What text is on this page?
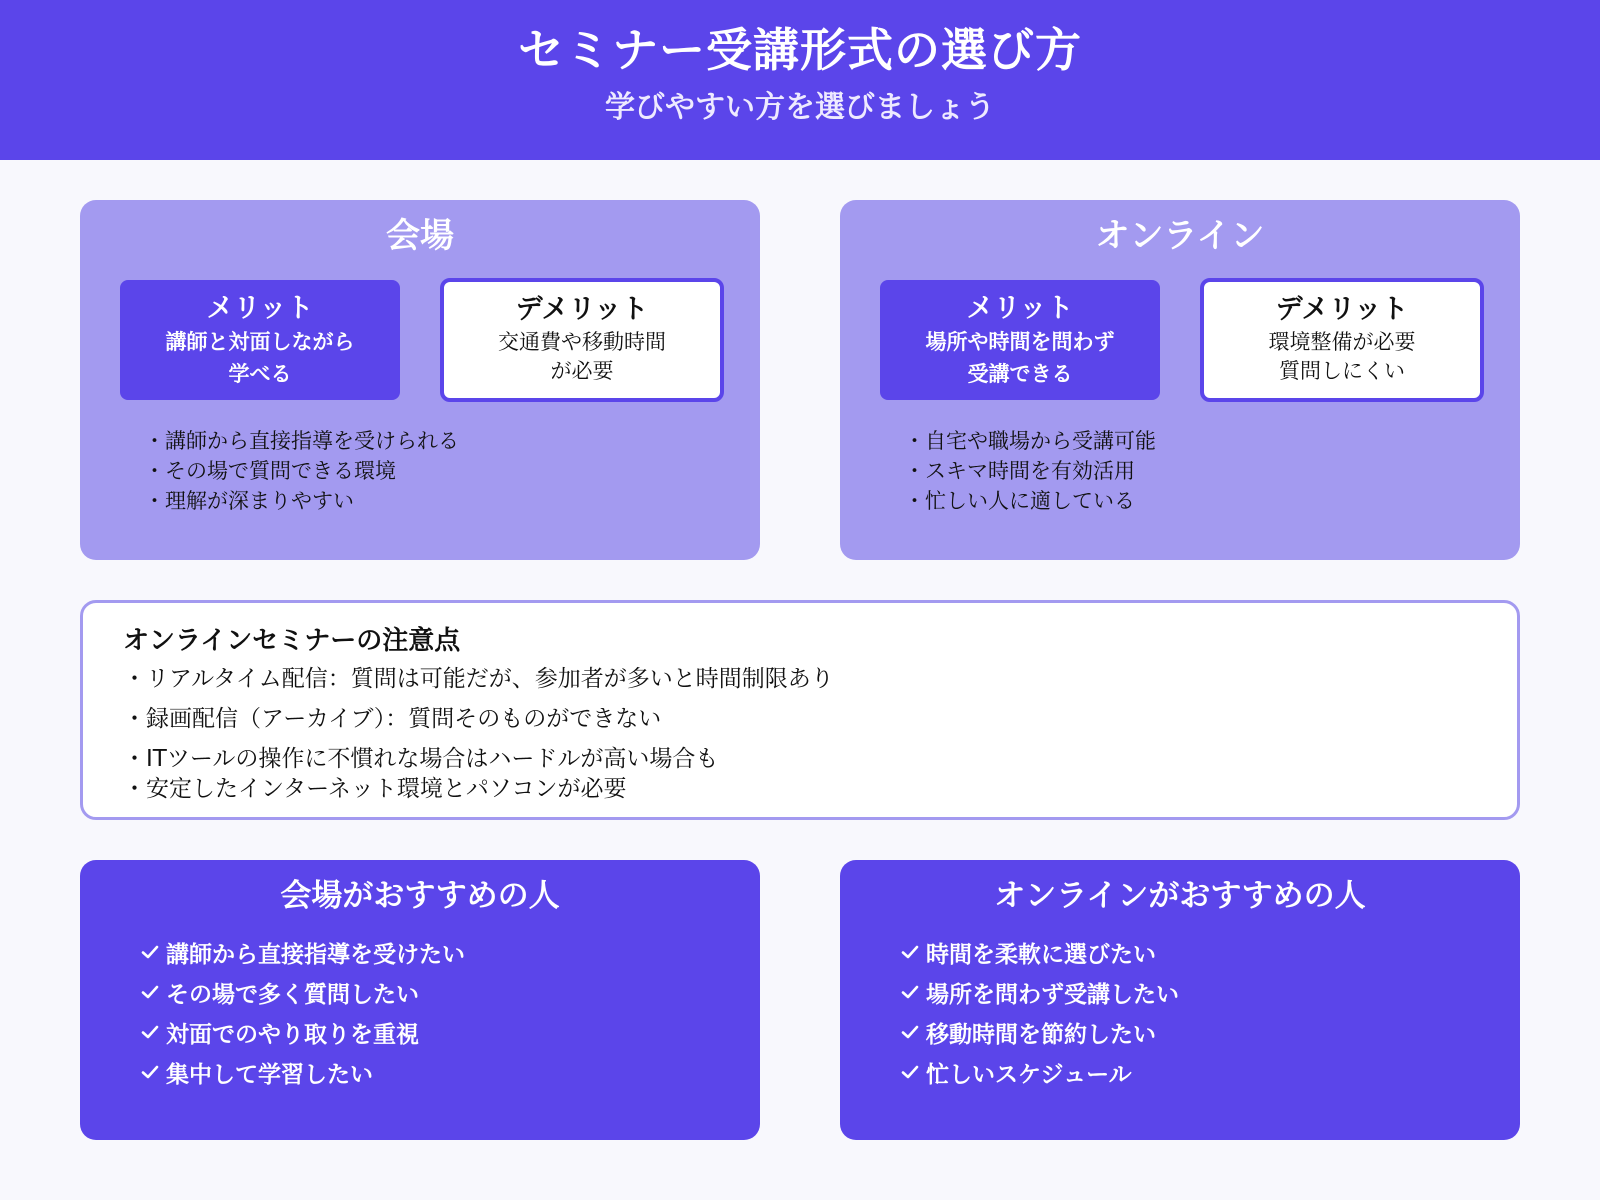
セミナー受講形式の選び方
学びやすい方を選びましょう
会場
メリット
講師と対面しながら
学べる
デメリット
交通費や移動時間
が必要
・ 講師から直接指導を受けられる
・ その場で質問できる環境
・ 理解が深まりやすい
オンライン
メリット
場所や時間を問わず
受講できる
デメリット
環境整備が必要
質問しにくい
・ 自宅や職場から受講可能
・ スキマ時間を有効活用
・ 忙しい人に適している
オンラインセミナーの注意点
・ リアルタイム配信：質問は可能だが、参加者が多いと時間制限あり
・ 録画配信（アーカイブ）：質問そのものができない
・ ITツールの操作に不慣れな場合はハードルが高い場合も
・ 安定したインターネット環境とパソコンが必要
会場がおすすめの人
講師から直接指導を受けたい
その場で多く質問したい
対面でのやり取りを重視
集中して学習したい
オンラインがおすすめの人
時間を柔軟に選びたい
場所を問わず受講したい
移動時間を節約したい
忙しいスケジュール
